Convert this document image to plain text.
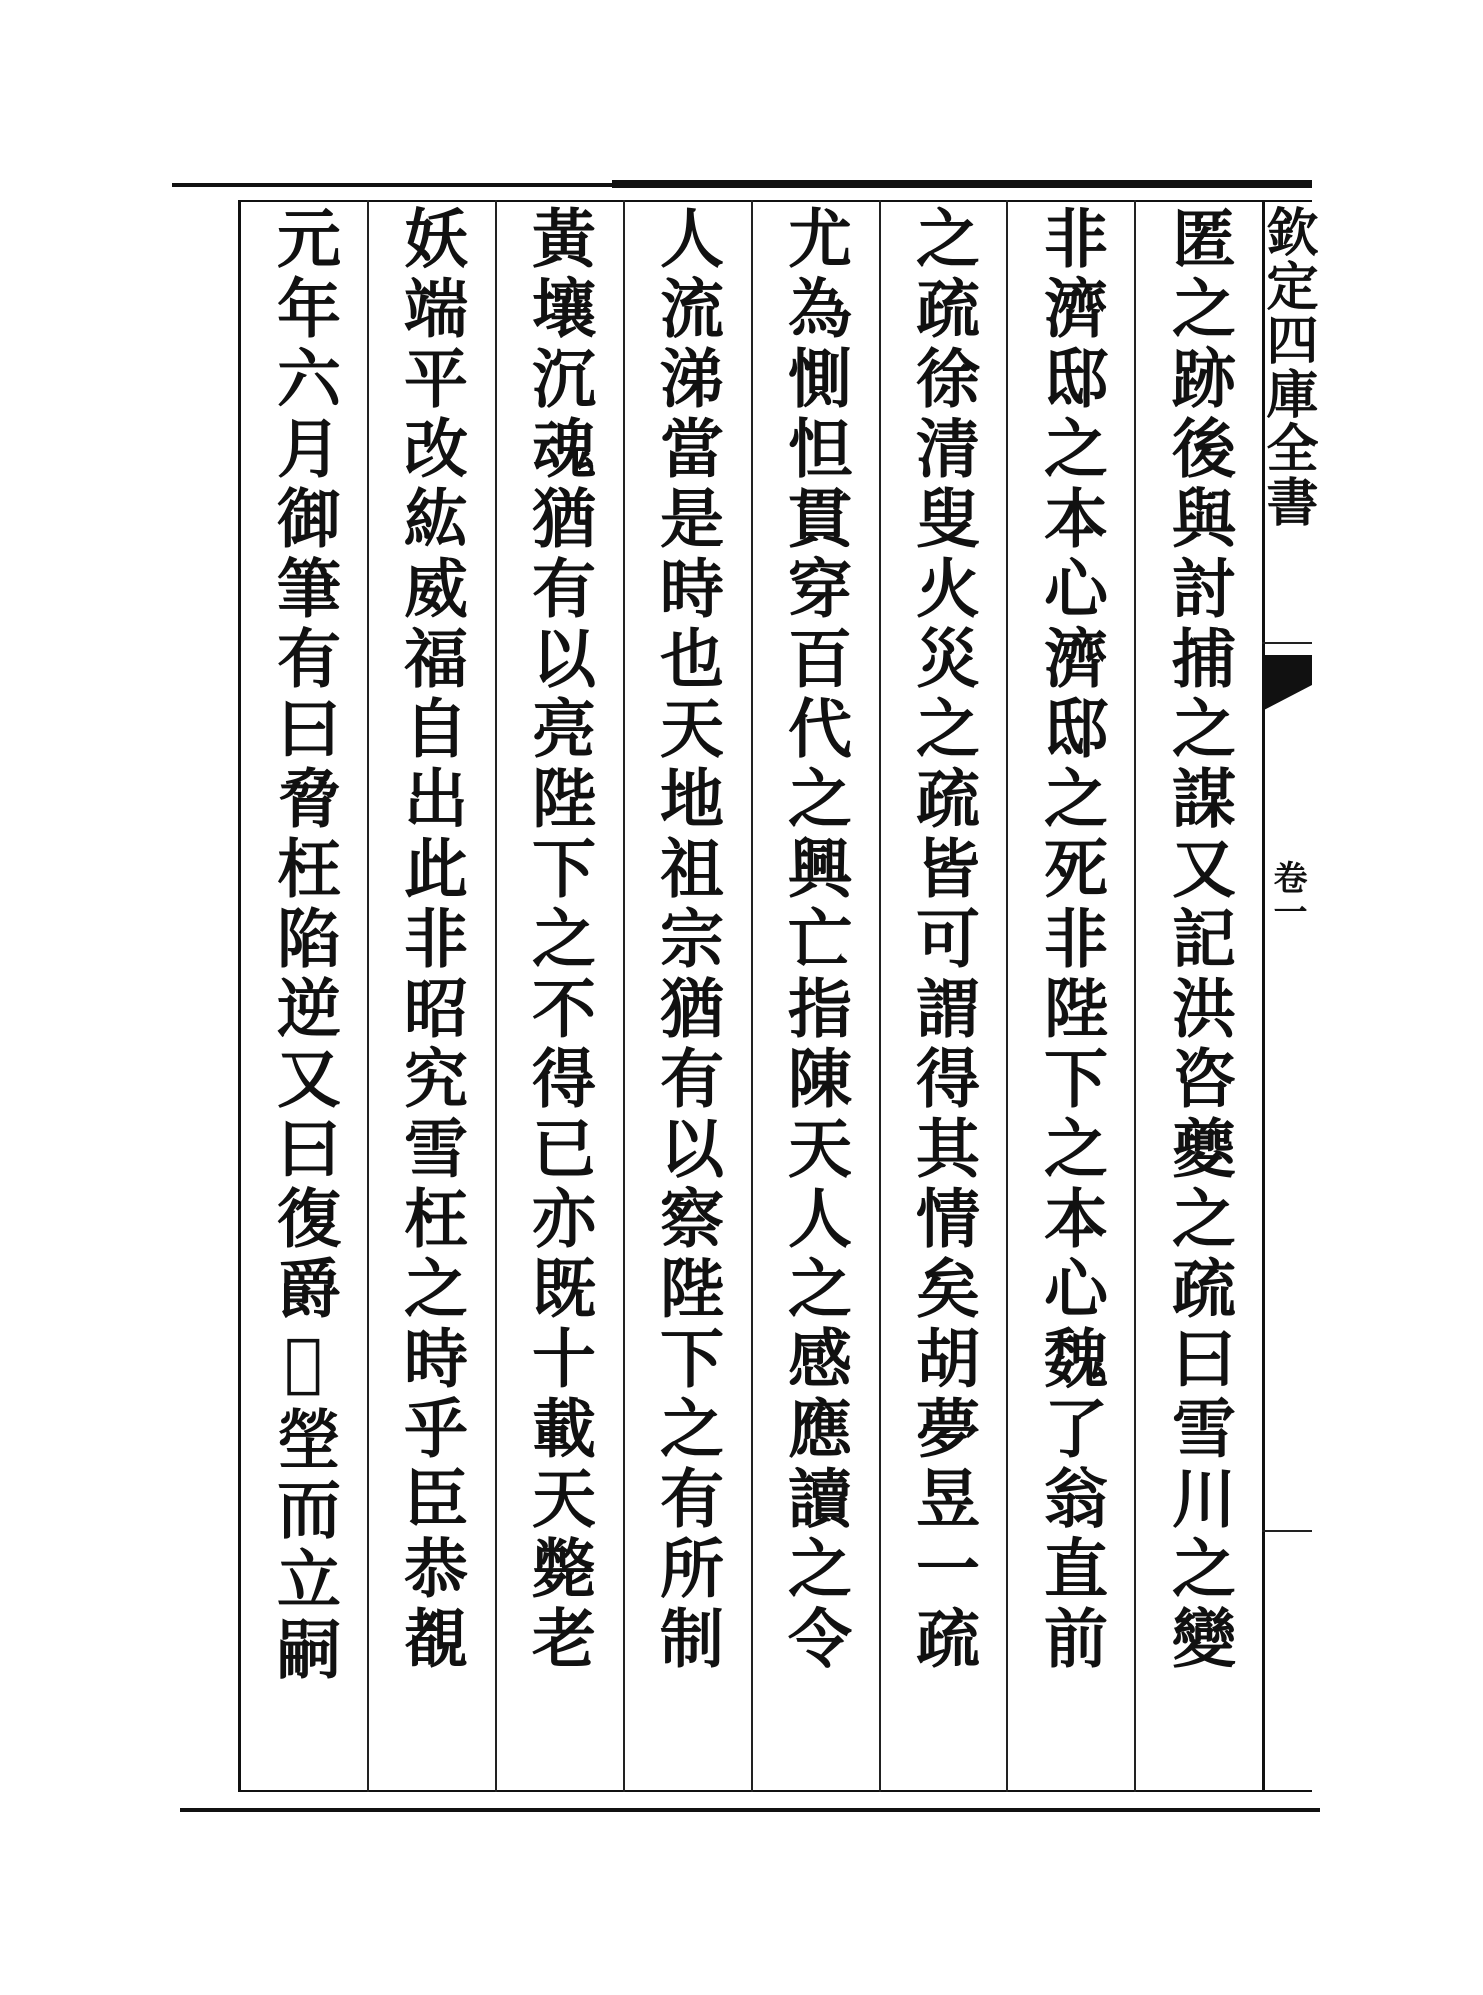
匿之跡後與討捕之謀又記洪咨夔之疏曰雪川之變
非濟邸之本心濟邸之死非陛下之本心魏了翁直前
之疏徐清叟火災之疏皆可謂得其情矣胡夢昱一疏
尤為惻怛貫穿百代之興亡指陳天人之感應讀之令
人流涕當是時也天地祖宗猶有以察陛下之有所制
黃壤沉魂猶有以亮陛下之不得已亦既十載天斃老
妖端平改紘威福自出此非昭究雪枉之時乎臣恭覩
元年六月御筆有曰脅枉陷逆又曰復爵𧺫塋而立嗣	欽定四庫全書
卷一
